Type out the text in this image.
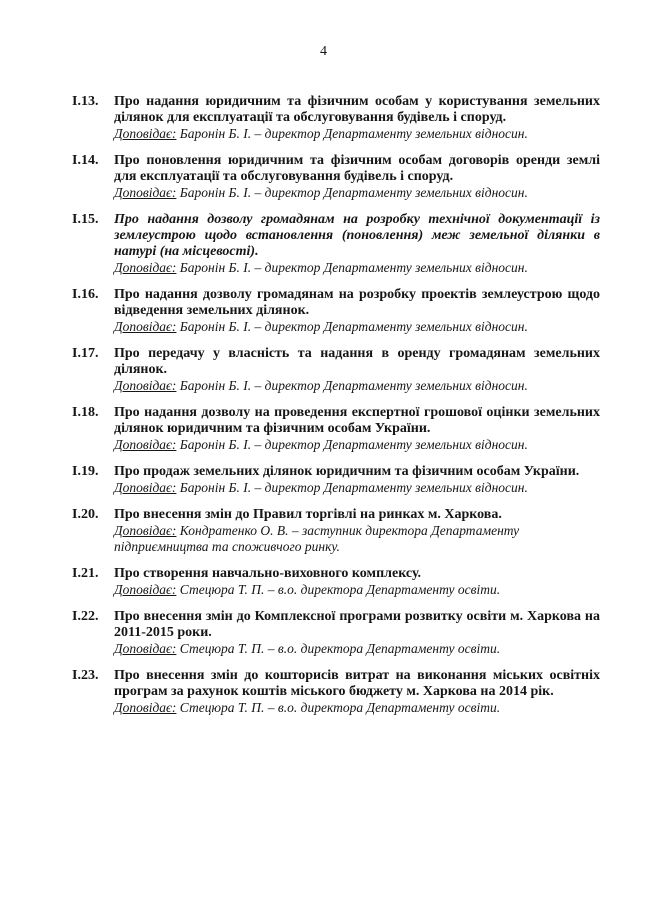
4
I.13.	Про надання юридичним та фізичним особам у користування земельних ділянок для експлуатації та обслуговування будівель і споруд.
Доповідає: Баронін Б. І. – директор Департаменту земельних відносин.
I.14.	Про поновлення юридичним та фізичним особам договорів оренди землі для експлуатації та обслуговування будівель і споруд.
Доповідає: Баронін Б. І. – директор Департаменту земельних відносин.
I.15.	Про надання дозволу громадянам на розробку технічної документації із землеустрою щодо встановлення (поновлення) меж земельної ділянки в натурі (на місцевості).
Доповідає: Баронін Б. І. – директор Департаменту земельних відносин.
I.16.	Про надання дозволу громадянам на розробку проектів землеустрою щодо відведення земельних ділянок.
Доповідає: Баронін Б. І. – директор Департаменту земельних відносин.
I.17.	Про передачу у власність та надання в оренду громадянам земельних ділянок.
Доповідає: Баронін Б. І. – директор Департаменту земельних відносин.
I.18.	Про надання дозволу на проведення експертної грошової оцінки земельних ділянок юридичним та фізичним особам України.
Доповідає: Баронін Б. І. – директор Департаменту земельних відносин.
I.19.	Про продаж земельних ділянок юридичним та фізичним особам України.
Доповідає: Баронін Б. І. – директор Департаменту земельних відносин.
I.20.	Про внесення змін до Правил торгівлі на ринках м. Харкова.
Доповідає: Кондратенко О. В. – заступник директора Департаменту підприємництва та споживчого ринку.
I.21.	Про створення навчально-виховного комплексу.
Доповідає: Стецюра Т. П. – в.о. директора Департаменту освіти.
I.22.	Про внесення змін до Комплексної програми розвитку освіти м. Харкова на 2011-2015 роки.
Доповідає: Стецюра Т. П. – в.о. директора Департаменту освіти.
I.23.	Про внесення змін до кошторисів витрат на виконання міських освітніх програм за рахунок коштів міського бюджету м. Харкова на 2014 рік.
Доповідає: Стецюра Т. П. – в.о. директора Департаменту освіти.
